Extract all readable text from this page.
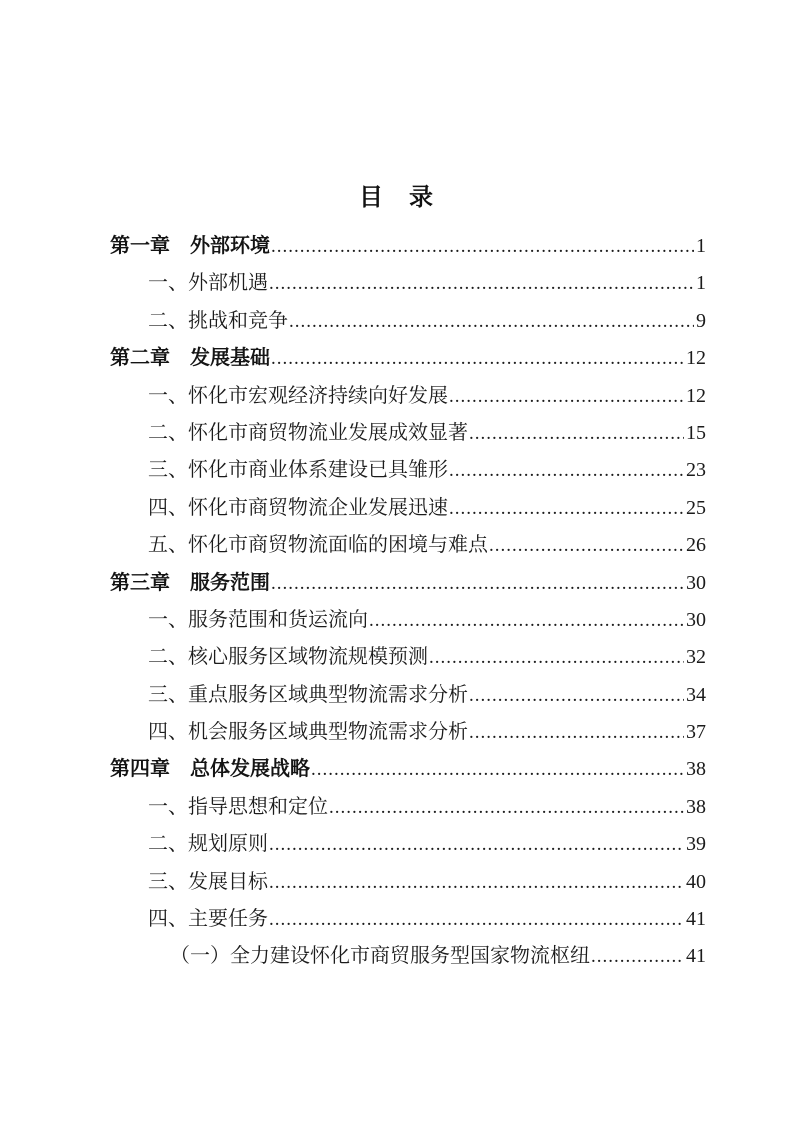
目　录
第一章　外部环境 .....	1
一、外部机遇 .....	1
二、挑战和竞争 .....	9
第二章　发展基础 .....	12
一、怀化市宏观经济持续向好发展 .....	12
二、怀化市商贸物流业发展成效显著 .....	15
三、怀化市商业体系建设已具雏形 .....	23
四、怀化市商贸物流企业发展迅速 .....	25
五、怀化市商贸物流面临的困境与难点 .....	26
第三章　服务范围 .....	30
一、服务范围和货运流向 .....	30
二、核心服务区域物流规模预测 .....	32
三、重点服务区域典型物流需求分析 .....	34
四、机会服务区域典型物流需求分析 .....	37
第四章　总体发展战略 .....	38
一、指导思想和定位 .....	38
二、规划原则 .....	39
三、发展目标 .....	40
四、主要任务 .....	41
（一）全力建设怀化市商贸服务型国家物流枢纽 .....	41
